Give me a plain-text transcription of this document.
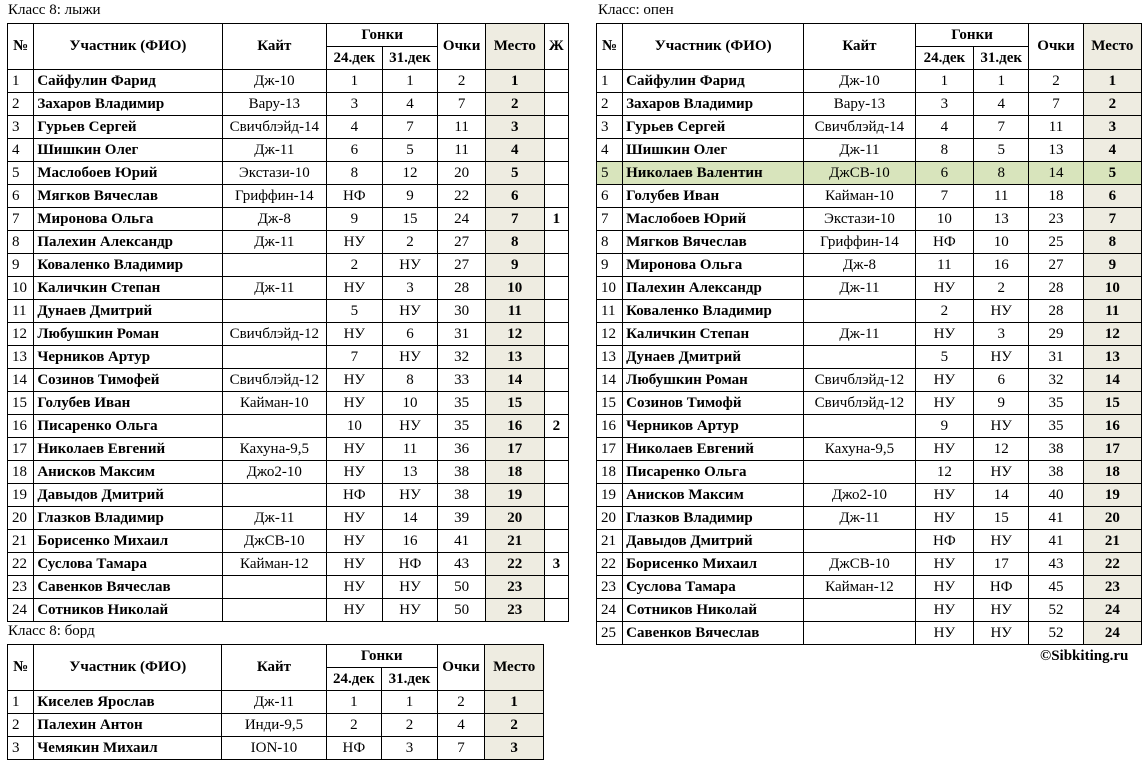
Класс 8: лыжи
№	Участник (ФИО)	Кайт	Гонки		Очки	Место	Ж
			24.дек	31.дек			
1	Сайфулин Фарид	Дж-10	1	1	2	1	
2	Захаров Владимир	Вару-13	3	4	7	2	
3	Гурьев Сергей	Свичблэйд-14	4	7	11	3	
4	Шишкин Олег	Дж-11	6	5	11	4	
5	Маслобоев Юрий	Экстази-10	8	12	20	5	
6	Мягков Вячеслав	Гриффин-14	НФ	9	22	6	
7	Миронова Ольга	Дж-8	9	15	24	7	1
8	Палехин Александр	Дж-11	НУ	2	27	8	
9	Коваленко Владимир		2	НУ	27	9	
10	Каличкин Степан	Дж-11	НУ	3	28	10	
11	Дунаев Дмитрий		5	НУ	30	11	
12	Любушкин Роман	Свичблэйд-12	НУ	6	31	12	
13	Черников Артур		7	НУ	32	13	
14	Созинов Тимофей	Свичблэйд-12	НУ	8	33	14	
15	Голубев Иван	Кайман-10	НУ	10	35	15	
16	Писаренко Ольга		10	НУ	35	16	2
17	Николаев Евгений	Кахуна-9,5	НУ	11	36	17	
18	Анисков Максим	Джо2-10	НУ	13	38	18	
19	Давыдов Дмитрий		НФ	НУ	38	19	
20	Глазков Владимир	Дж-11	НУ	14	39	20	
21	Борисенко Михаил	ДжСВ-10	НУ	16	41	21	
22	Суслова Тамара	Кайман-12	НУ	НФ	43	22	3
23	Савенков Вячеслав		НУ	НУ	50	23	
24	Сотников Николай		НУ	НУ	50	23	
Класс 8: борд
№	Участник (ФИО)	Кайт	Гонки		Очки	Место
			24.дек	31.дек		
1	Киселев Ярослав	Дж-11	1	1	2	1
2	Палехин Антон	Инди-9,5	2	2	4	2
3	Чемякин Михаил	ION-10	НФ	3	7	3
Класс: опен
№	Участник (ФИО)	Кайт	Гонки		Очки	Место
			24.дек	31.дек		
1	Сайфулин Фарид	Дж-10	1	1	2	1
2	Захаров Владимир	Вару-13	3	4	7	2
3	Гурьев Сергей	Свичблэйд-14	4	7	11	3
4	Шишкин Олег	Дж-11	8	5	13	4
5	Николаев Валентин	ДжСВ-10	6	8	14	5
6	Голубев Иван	Кайман-10	7	11	18	6
7	Маслобоев Юрий	Экстази-10	10	13	23	7
8	Мягков Вячеслав	Гриффин-14	НФ	10	25	8
9	Миронова Ольга	Дж-8	11	16	27	9
10	Палехин Александр	Дж-11	НУ	2	28	10
11	Коваленко Владимир		2	НУ	28	11
12	Каличкин Степан	Дж-11	НУ	3	29	12
13	Дунаев Дмитрий		5	НУ	31	13
14	Любушкин Роман	Свичблэйд-12	НУ	6	32	14
15	Созинов Тимофй	Свичблэйд-12	НУ	9	35	15
16	Черников Артур		9	НУ	35	16
17	Николаев Евгений	Кахуна-9,5	НУ	12	38	17
18	Писаренко Ольга		12	НУ	38	18
19	Анисков Максим	Джо2-10	НУ	14	40	19
20	Глазков Владимир	Дж-11	НУ	15	41	20
21	Давыдов Дмитрий		НФ	НУ	41	21
22	Борисенко Михаил	ДжСВ-10	НУ	17	43	22
23	Суслова Тамара	Кайман-12	НУ	НФ	45	23
24	Сотников Николай		НУ	НУ	52	24
25	Савенков Вячеслав		НУ	НУ	52	24
©Sibkiting.ru
